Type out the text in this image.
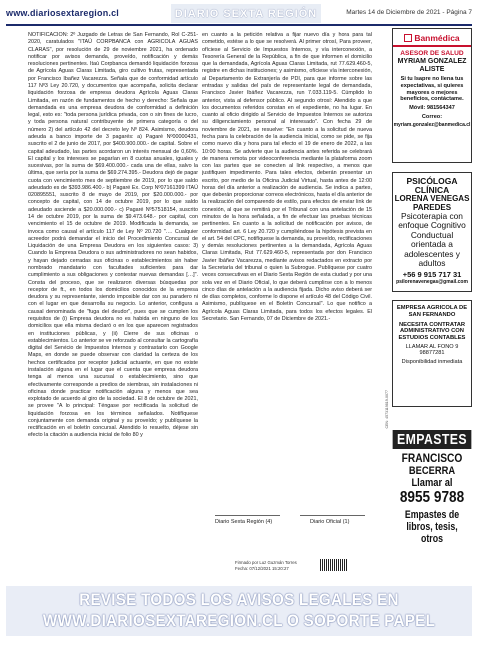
www.diariosextaregion.cl	DIARIO SEXTA REGIÓN	Martes 14 de Diciembre de 2021 - Página 7

NOTIFICACIÓN: 2º Juzgado de Letras de San Fernando, Rol C-251-2020, caratulados "ITAÚ CORPBANCA con AGRICOLA AGUAS CLARAS", por resolución de 29 de noviembre 2021, ha ordenado notificar por avisos demanda, proveído, notificación y demás resoluciones pertinentes. Itaú Corpbanca demandó liquidación forzosa de Agrícola Aguas Claras Limitada, giro cultivo frutas, representada por Francisco Ibañez Vacarezza. Señala que de conformidad artículo 117 Nº3 Ley 20.720, y documentos que acompaña, solicita declarar liquidación forzosa de empresa deudora Agrícola Aguas Claras Limitada, en razón de fundamentos de hecho y derecho: Señala que demandada es una empresa deudora de conformidad a definición legal, esto es: "toda persona jurídica privada, con o sin fines de lucro, y toda persona natural contribuyente de primera categoría o del número 2) del artículo 42 del decreto ley Nº 824. Asimismo, deudora adeuda a banco importe de 3 pagarés: a) Pagaré Nº00000431, suscrito el 2 de junio de 2017, por $400.900.000.- de capital. Sobre el capital adeudado, las partes acordaron un interés mensual de 0,60%. El capital y los intereses se pagarían en 8 cuotas anuales, iguales y sucesivas, por la suma de $69.400.000.- cada una de ellas, salvo la última, que sería por la suma de $69.274.395.- Deudora dejó de pagar cuota con vencimiento mes de septiembre de 2019, por lo que saldo adeudado es de $393.986.400.- b) Pagaré Ex. Corp Nº07161399 ITAÚ 020895551, suscrito 8 de mayo de 2019, por $20.000.000.- por concepto de capital, con 14 de octubre 2019, por lo que saldo adeudado asciende a $20.000.000.- c) Pagaré Nº57518154, suscrito 14 de octubre 2019, por la suma de $9.473.648.- por capital, con vencimiento el 15 de octubre de 2019. Modificada la demanda, se invoca como causal el artículo 117 de Ley Nº 20.720 "…. Cualquier acreedor podrá demandar el inicio del Procedimiento Concursal de Liquidación de una Empresa Deudora en los siguientes casos: 3) Cuando la Empresa Deudora o sus administradores no sean habidos, y hayan dejado cerradas sus oficinas o establecimientos sin haber nombrado mandatario con facultades suficientes para dar cumplimiento a sus obligaciones y contestar nuevas demandas […]". Consta del proceso, que se realizaron diversas búsquedas por receptor de ft., en todos los domicilios conocidos de la empresa deudora y su representante, siendo imposible dar con su paradero ni con el lugar en que desarrolla su negocio. Lo anterior, configura a causal denominada de "fuga del deudor", pues que se cumplen los requisitos de (i) Empresa deudora no es habida en ninguno de los domicilios que ella misma declaró o en los que aparecen registrados en instituciones públicas, y (ii) Cierre de sus oficinas o establecimientos. Lo anterior se ve reforzado al consultar la cartografía digital del Servicio de Impuestos Internos y contrastarlo con Google Maps, en donde se puede observar con claridad la certeza de los hechos certificados por receptor judicial actuante, en que no existe instalación alguna en el lugar que el cuenta que empresa deudora tenga al menos una sucursal o establecimiento, sino que efectivamente corresponde a predios de siembras, sin instalaciones ni oficinas donde practicar notificación alguna y menos que sea explotado de acuerdo al giro de la sociedad. El 8 de octubre de 2021, se provee "A lo principal: Téngase por rectificada la solicitud de liquidación forzosa en los términos señalados. Notifíquese conjuntamente con demanda original y su proveído; y publíquese la rectificación en el boletín concursal. Atendido lo resuelto, déjese sin efecto la citación a audiencia inicial de folio 80 y

en cuanto a la petición relativa a fijar nuevo día y hora para tal cometido, estése a lo que se resolverá. Al primer otrosí, Para proveer, ofíciese al Servicio de Impuestos Internos, y vía interconexión, a Tesorería General de la República, a fin de que informen el domicilio que la demandada, Agrícola Aguas Claras Limitada, rut 77.629.460-5, registre en dichas instituciones; y asimismo, ofíciese vía interconexión, al Departamento de Extranjería de PDI, para que informe sobre las entradas y salidas del país de representante legal de demandada, Francisco Javier Ibáñez Vacarezza, run 7.033.119-5. Cúmplido lo anterior, vista al defensor público. Al segundo otrosí: Atendido a que los documentos referidos constan en el expediente, no ha lugar. En cuanto al oficio dirigido al Servicio de Impuestos Internos se autoriza su diligenciamiento personal al interesado". Con fecha 29 de noviembre de 2021, se resuelve: "En cuanto a la solicitud de nueva fecha para la celebración de la audiencia inicial, como se pide, se fija como nuevo día y hora para tal efecto el 19 de enero de 2022, a las 10:00 horas. Se advierte que la audiencia antes referida se celebrará de manera remota por videoconferencia mediante la plataforma zoom con las partes que se conecten al link respectivo, a menos que justifiquen impedimento. Para tales efectos, deberán presentar un escrito, por medio de la Oficina Judicial Virtual, hasta antes de 12:00 horas del día anterior a realización de audiencia. Se indica a partes, que deberán proporcionar correos electrónicos, hasta el día anterior de la realización del comparendo de estilo, para efectos de enviar link de conexión, al que se remitirá por el Tribunal con una antelación de 15 minutos de la hora señalada, a fin de efectuar las pruebas técnicas pertinentes. En cuanto a la solicitud de notificación por avisos, de conformidad art. 6 Ley 20.720 y cumpliéndose la hipótesis prevista en el art. 54 del CPC, notifíquese la demanda, su proveído, rectificaciones y demás resoluciones pertinentes a la demandada, Agrícola Aguas Claras Limitada, Rut 77.629.460-5, representada por don Francisco Javier Ibáñez Vacarezza, mediante avisos redactados en extracto por la Secretaría del tribunal o quien la Subrogue. Publíquese por cuatro veces consecutivas en el Diario Sexta Región de esta ciudad y por una sola vez en el Diario Oficial, lo que deberá cumplirse con a lo menos cinco días de antelación a la audiencia fijada. Dicho aviso deberá ser de días completos, conforme lo dispone el artículo 48 del Código Civil. Asimismo, publíquese en el Boletín Concursal". Lo que notifico a Agrícola Aguas Claras Limitada, para todos los efectos legales. El Secretario. San Fernando, 07 de Diciembre de 2021.-

Diario Sexta Región (4)	Diario Oficial (1)
Firmado por Luz Guzmán Torres
Fecha: 07/12/2021 15:20:27
CEN: 4573119819-0077
Banmédica
ASESOR DE SALUD
MYRIAM GONZALEZ ALISTE
Si tu Isapre no llena tus expectativas, si quieres mayores o mejores beneficios, contáctame.
Móvil: 981564347
Correo:
myriam.gonzalez@banmedica.cl
PSICÓLOGA CLÍNICA
LORENA VENEGAS PAREDES
Psicoterapia con enfoque Cognitivo Conductual orientada a adolescentes y adultos
+56 9 915 717 31
psilorenavenegas@gmail.com
EMPRESA AGRICOLA DE SAN FERNANDO
NECESITA CONTRATAR ADMINISTRATIVO CON ESTUDIOS CONTABLES
LLAMAR AL FONO 9 98877281
Disponibilidad inmediata
EMPASTES
FRANCISCO
BECERRA
Llamar al
8955 9788
Empastes de libros, tesis, otros
REVISE TODOS LOS AVISOS LEGALES EN
WWW.DIARIOSEXTAREGION.CL O SOPORTE PAPEL
